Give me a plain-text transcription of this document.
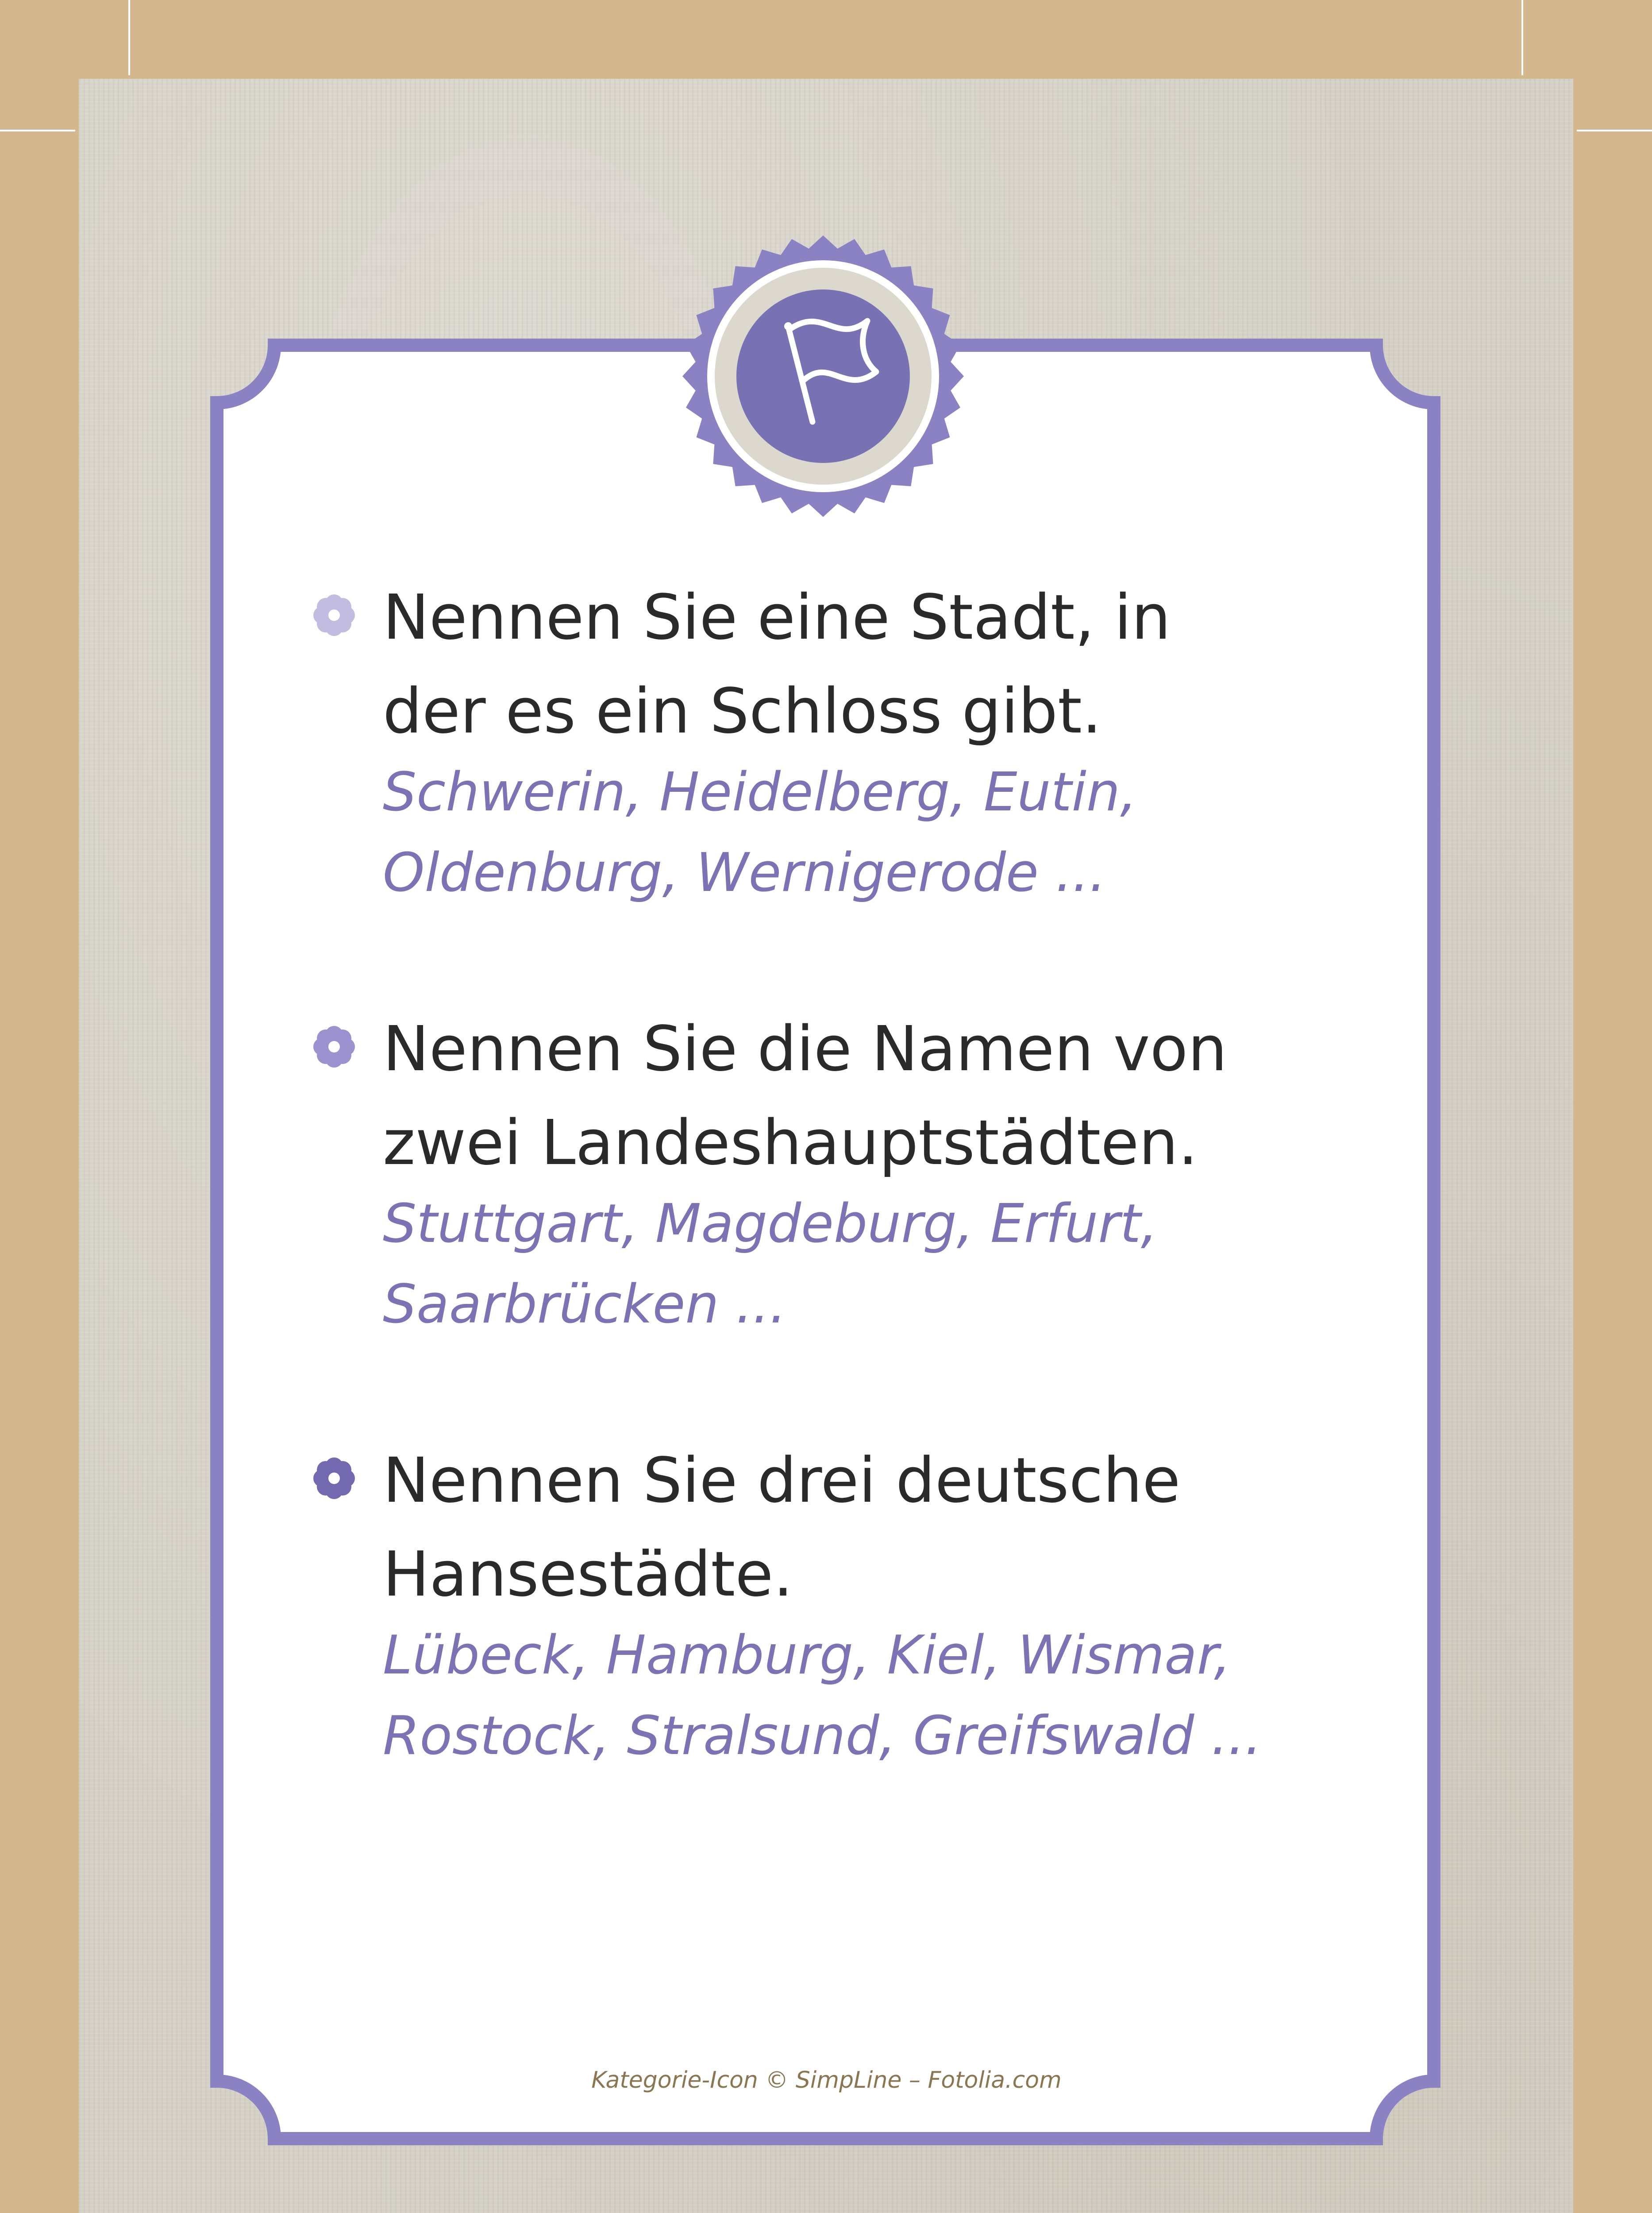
Nennen Sie eine Stadt, in
der es ein Schloss gibt.

Schwerin, Heidelberg, Eutin,
Oldenburg, Wernigerode ...

Nennen Sie die Namen von
zwei Landeshauptstädten.

Stuttgart, Magdeburg, Erfurt,
Saarbrücken ...

Nennen Sie drei deutsche
Hansestädte.

Lübeck, Hamburg, Kiel, Wismar,
Rostock, Stralsund, Greifswald ...

Kategorie-Icon © SimpLine – Fotolia.com
